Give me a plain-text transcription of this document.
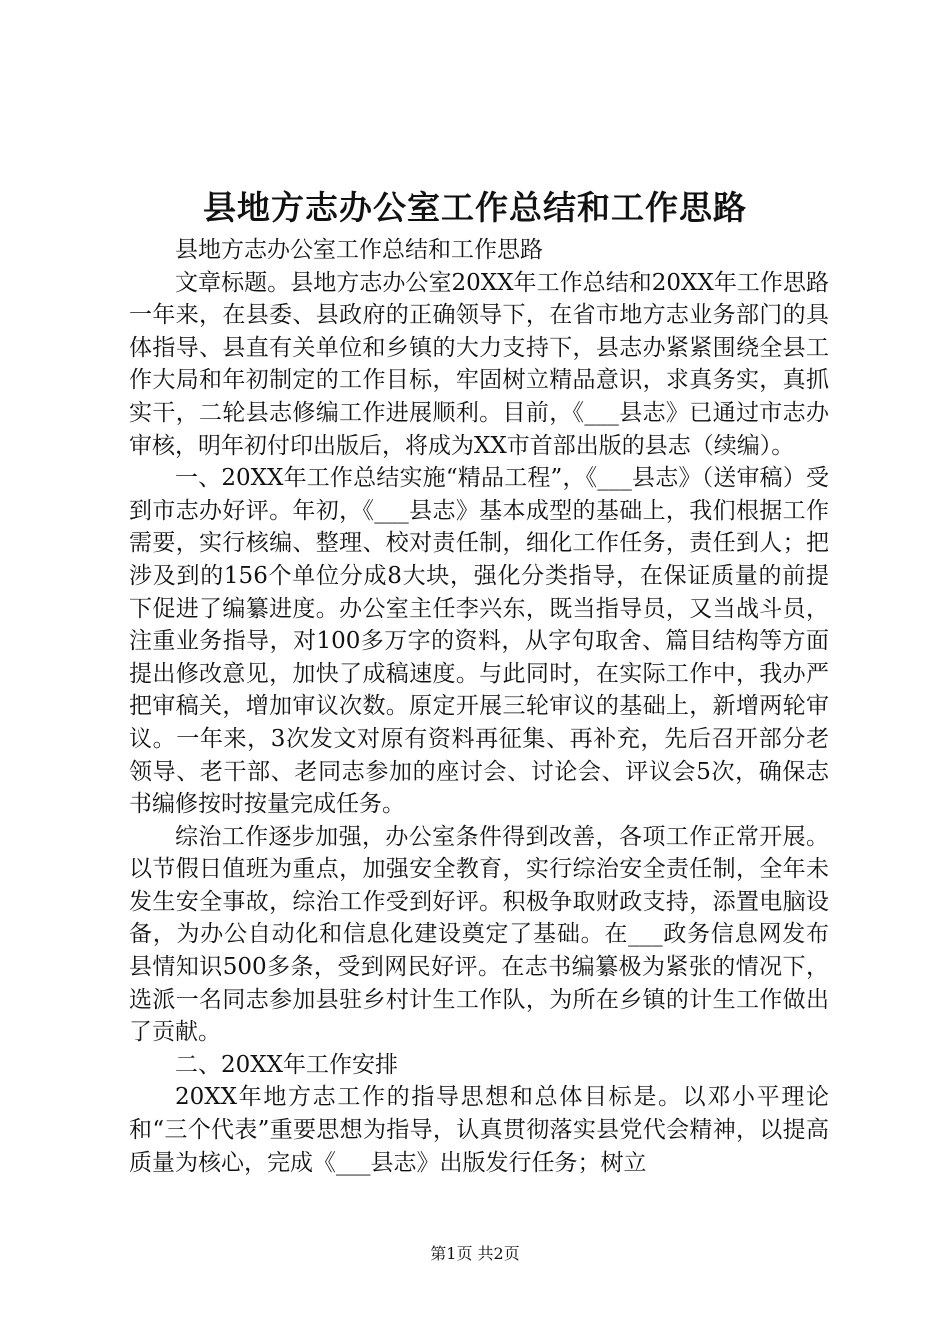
县地方志办公室工作总结和工作思路

县地方志办公室工作总结和工作思路

文章标题。县地方志办公室20XX年工作总结和20XX年工作思路一年来，在县委、县政府的正确领导下，在省市地方志业务部门的具体指导、县直有关单位和乡镇的大力支持下，县志办紧紧围绕全县工作大局和年初制定的工作目标，牢固树立精品意识，求真务实，真抓实干，二轮县志修编工作进展顺利。目前，《___县志》已通过市志办审核，明年初付印出版后，将成为XX市首部出版的县志（续编）。

一、20XX年工作总结实施“精品工程”，《___县志》（送审稿）受到市志办好评。年初，《___县志》基本成型的基础上，我们根据工作需要，实行核编、整理、校对责任制，细化工作任务，责任到人；把涉及到的156个单位分成8大块，强化分类指导，在保证质量的前提下促进了编纂进度。办公室主任李兴东，既当指导员，又当战斗员，注重业务指导，对100多万字的资料，从字句取舍、篇目结构等方面提出修改意见，加快了成稿速度。与此同时，在实际工作中，我办严把审稿关，增加审议次数。原定开展三轮审议的基础上，新增两轮审议。一年来，3次发文对原有资料再征集、再补充，先后召开部分老领导、老干部、老同志参加的座讨会、讨论会、评议会5次，确保志书编修按时按量完成任务。

综治工作逐步加强，办公室条件得到改善，各项工作正常开展。以节假日值班为重点，加强安全教育，实行综治安全责任制，全年未发生安全事故，综治工作受到好评。积极争取财政支持，添置电脑设备，为办公自动化和信息化建设奠定了基础。在___政务信息网发布县情知识500多条，受到网民好评。在志书编纂极为紧张的情况下，选派一名同志参加县驻乡村计生工作队，为所在乡镇的计生工作做出了贡献。

二、20XX年工作安排

20XX年地方志工作的指导思想和总体目标是。以邓小平理论和“三个代表”重要思想为指导，认真贯彻落实县党代会精神，以提高质量为核心，完成《___县志》出版发行任务；树立

第1页 共2页
